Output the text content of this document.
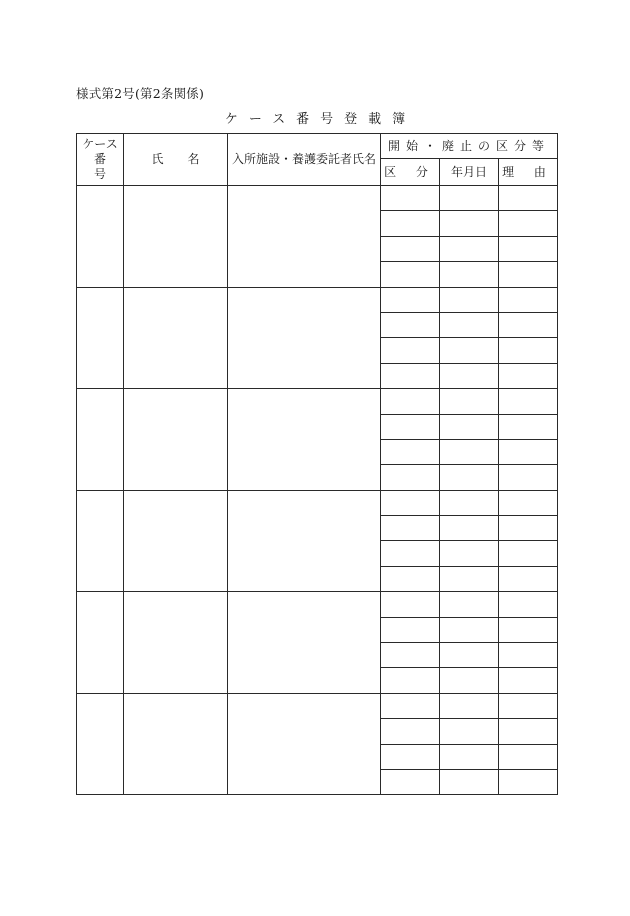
様式第2号(第2条関係)
ケース番号登載簿
ケース
番 号	氏名	入所施設・養護委託者氏名	開始・廃止の区分等		
			区 分	年月日	理 由
